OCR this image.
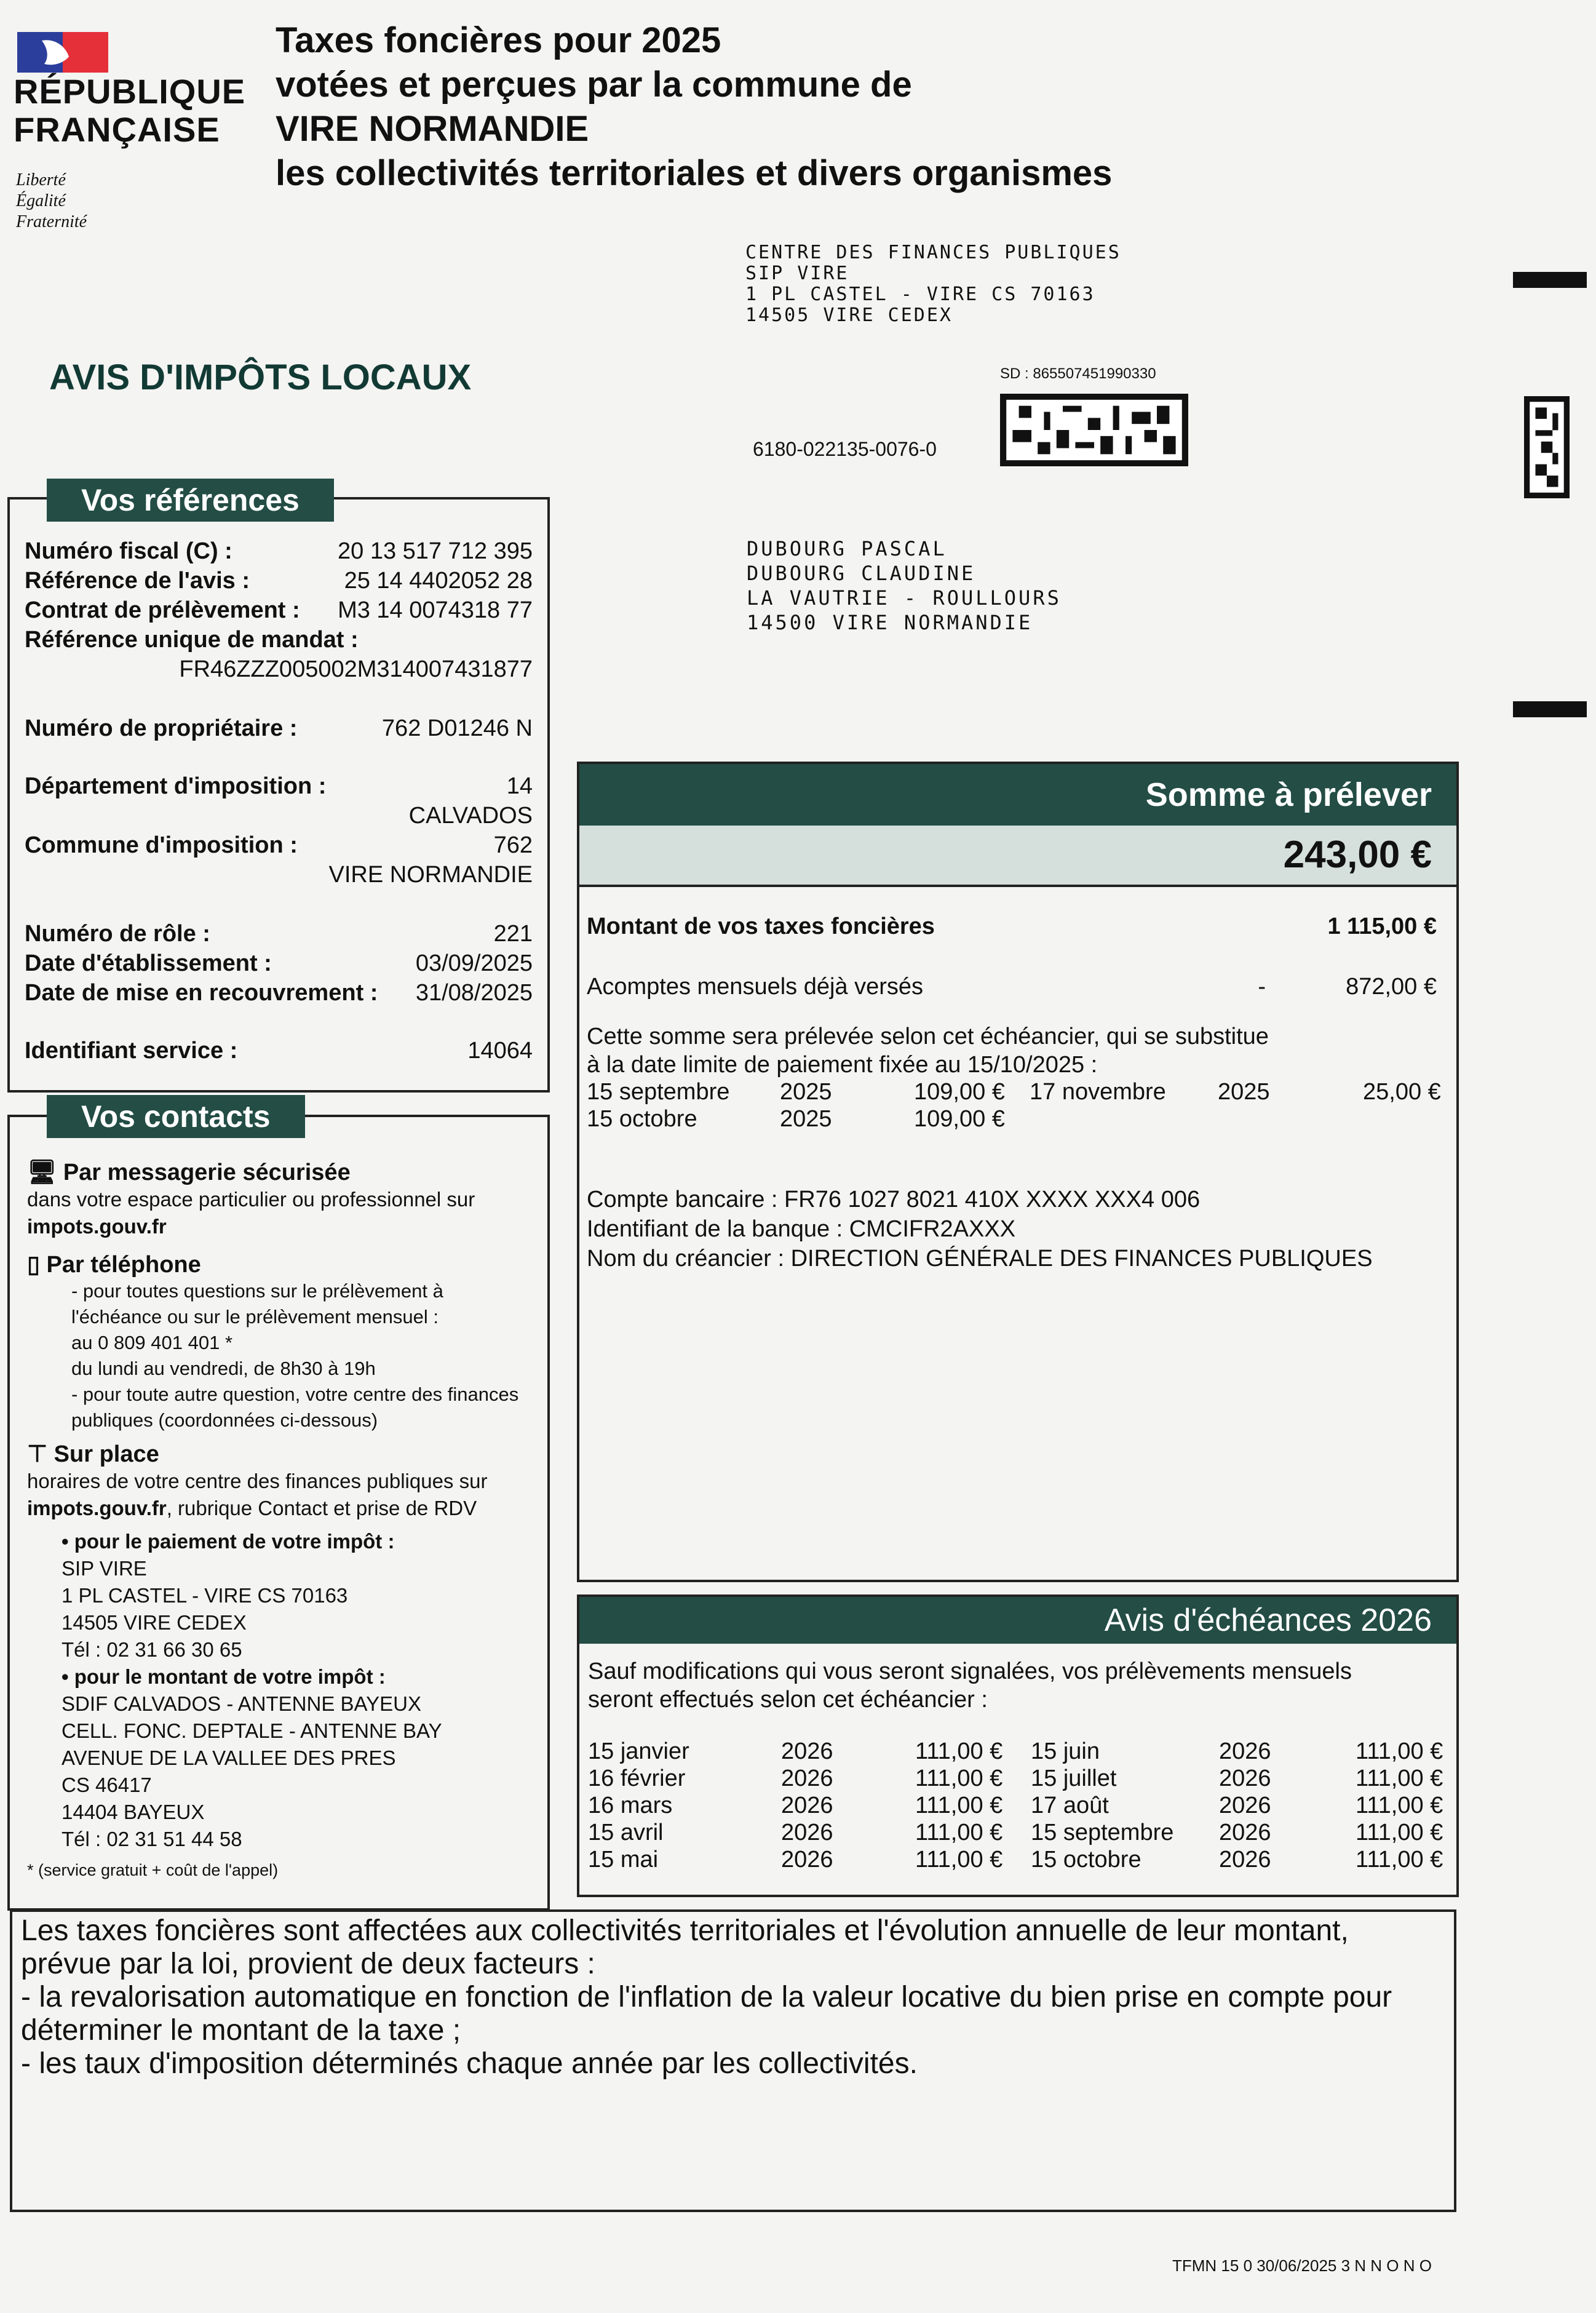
RÉPUBLIQUE
FRANÇAISE
Liberté
Égalité
Fraternité
Taxes foncières pour 2025
votées et perçues par la commune de
VIRE NORMANDIE
les collectivités territoriales et divers organismes
CENTRE DES FINANCES PUBLIQUES
SIP VIRE
1 PL CASTEL - VIRE CS 70163
14505 VIRE CEDEX
AVIS D'IMPÔTS LOCAUX	SD : 865507451990330
6180-022135-0076-0
DUBOURG PASCAL
DUBOURG CLAUDINE
LA VAUTRIE - ROULLOURS
14500 VIRE NORMANDIE
Vos références
Numéro fiscal (C) :	20 13 517 712 395
Référence de l'avis :	25 14 4402052 28
Contrat de prélèvement : M3 14 0074318 77
Référence unique de mandat :
FR46ZZZ005002M314007431877
Numéro de propriétaire :	762 D01246 N
Département d'imposition :	14
CALVADOS
Commune d'imposition :	762
VIRE NORMANDIE
Numéro de rôle :	221
Date d'établissement :	03/09/2025
Date de mise en recouvrement : 31/08/2025
Identifiant service :	14064
Vos contacts
🖥 Par messagerie sécurisée
dans votre espace particulier ou professionnel sur
impots.gouv.fr
▯ Par téléphone
- pour toutes questions sur le prélèvement à l'échéance ou sur le prélèvement mensuel :
au 0 809 401 401 *
du lundi au vendredi, de 8h30 à 19h
- pour toute autre question, votre centre des finances publiques (coordonnées ci-dessous)
⊤ Sur place
horaires de votre centre des finances publiques sur
impots.gouv.fr, rubrique Contact et prise de RDV
• pour le paiement de votre impôt :
SIP VIRE
1 PL CASTEL - VIRE CS 70163
14505 VIRE CEDEX
Tél : 02 31 66 30 65
• pour le montant de votre impôt :
SDIF CALVADOS - ANTENNE BAYEUX
CELL. FONC. DEPTALE - ANTENNE BAY
AVENUE DE LA VALLEE DES PRES
CS 46417
14404 BAYEUX
Tél : 02 31 51 44 58
* (service gratuit + coût de l'appel)
Somme à prélever
243,00 €
Montant de vos taxes foncières	1 115,00 €
Acomptes mensuels déjà versés	-	872,00 €
Cette somme sera prélevée selon cet échéancier, qui se substitue
à la date limite de paiement fixée au 15/10/2025 :
15 septembre 2025	109,00 € 17 novembre 2025	25,00 €
15 octobre	2025	109,00 €
Compte bancaire : FR76 1027 8021 410X XXXX XXX4 006
Identifiant de la banque : CMCIFR2AXXX
Nom du créancier : DIRECTION GÉNÉRALE DES FINANCES PUBLIQUES
Avis d'échéances 2026
Sauf modifications qui vous seront signalées, vos prélèvements mensuels
seront effectués selon cet échéancier :
15 janvier	2026	111,00 € 15 juin	2026	111,00 €
16 février	2026	111,00 € 15 juillet	2026	111,00 €
16 mars	2026	111,00 € 17 août	2026	111,00 €
15 avril	2026	111,00 € 15 septembre 2026	111,00 €
15 mai	2026	111,00 € 15 octobre	2026	111,00 €
Les taxes foncières sont affectées aux collectivités territoriales et l'évolution annuelle de leur montant,
prévue par la loi, provient de deux facteurs :
- la revalorisation automatique en fonction de l'inflation de la valeur locative du bien prise en compte pour
déterminer le montant de la taxe ;
- les taux d'imposition déterminés chaque année par les collectivités.
TFMN 15 0 30/06/2025 3 N N O N O
